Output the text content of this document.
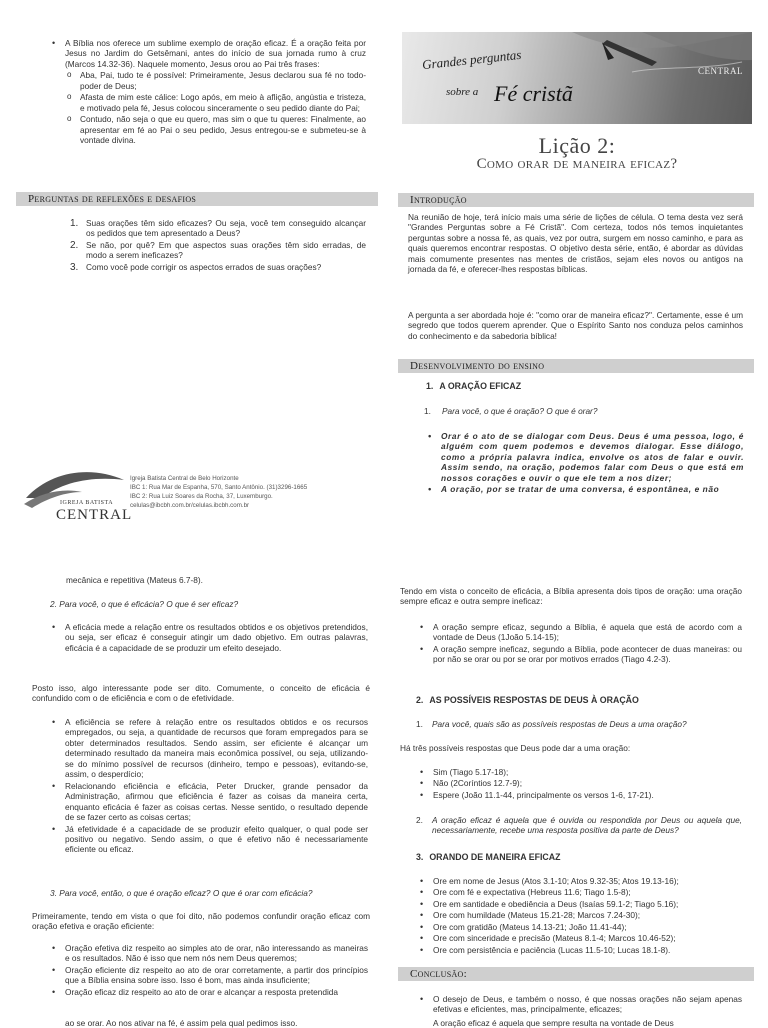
• A Bíblia nos oferece um sublime exemplo de oração eficaz. É a oração feita por Jesus no Jardim do Getsêmani, antes do início de sua jornada rumo à cruz (Marcos 14.32-36). Naquele momento, Jesus orou ao Pai três frases:
o Aba, Pai, tudo te é possível: Primeiramente, Jesus declarou sua fé no todo-poder de Deus;
o Afasta de mim este cálice: Logo após, em meio à aflição, angústia e tristeza, e motivado pela fé, Jesus colocou sinceramente o seu pedido diante do Pai;
o Contudo, não seja o que eu quero, mas sim o que tu queres: Finalmente, ao apresentar em fé ao Pai o seu pedido, Jesus entregou-se e submeteu-se à vontade divina.
Perguntas de reflexões e desafios
1. Suas orações têm sido eficazes? Ou seja, você tem conseguido alcançar os pedidos que tem apresentado a Deus?
2. Se não, por quê? Em que aspectos suas orações têm sido erradas, de modo a serem ineficazes?
3. Como você pode corrigir os aspectos errados de suas orações?
IGREJA BATISTA
CENTRAL
Igreja Batista Central de Belo Horizonte
IBC 1: Rua Mar de Espanha, 570, Santo Antônio. (31)3296-1665
IBC 2: Rua Luiz Soares da Rocha, 37, Luxemburgo.
celulas@ibcbh.com.br/celulas.ibcbh.com.br
Grandes perguntas
sobre a Fé cristã
CENTRAL
Lição 2:
Como orar de maneira eficaz?
Introdução
Na reunião de hoje, terá início mais uma série de lições de célula. O tema desta vez será "Grandes Perguntas sobre a Fé Cristã". Com certeza, todos nós temos inquietantes perguntas sobre a nossa fé, as quais, vez por outra, surgem em nosso caminho, e para as quais queremos encontrar respostas. O objetivo desta série, então, é abordar as dúvidas mais comumente presentes nas mentes de cristãos, sejam eles novos ou antigos na jornada da fé, e oferecer-lhes respostas bíblicas.
A pergunta a ser abordada hoje é: "como orar de maneira eficaz?". Certamente, esse é um segredo que todos querem aprender. Que o Espírito Santo nos conduza pelos caminhos do conhecimento e da sabedoria bíblica!
Desenvolvimento do ensino
1. A ORAÇÃO EFICAZ
1. Para você, o que é oração? O que é orar?
• Orar é o ato de se dialogar com Deus. Deus é uma pessoa, logo, é alguém com quem podemos e devemos dialogar. Esse diálogo, como a própria palavra indica, envolve os atos de falar e ouvir. Assim sendo, na oração, podemos falar com Deus o que está em nossos corações e ouvir o que ele tem a nos dizer;
• A oração, por se tratar de uma conversa, é espontânea, e não
mecânica e repetitiva (Mateus 6.7-8).
2. Para você, o que é eficácia? O que é ser eficaz?
• A eficácia mede a relação entre os resultados obtidos e os objetivos pretendidos, ou seja, ser eficaz é conseguir atingir um dado objetivo. Em outras palavras, eficácia é a capacidade de se produzir um efeito desejado.
Posto isso, algo interessante pode ser dito. Comumente, o conceito de eficácia é confundido com o de eficiência e com o de efetividade.
• A eficiência se refere à relação entre os resultados obtidos e os recursos empregados, ou seja, a quantidade de recursos que foram empregados para se obter determinados resultados. Sendo assim, ser eficiente é alcançar um determinado resultado da maneira mais econômica possível, ou seja, utilizando-se do mínimo possível de recursos (dinheiro, tempo e pessoas), evitando-se, assim, o desperdício;
• Relacionando eficiência e eficácia, Peter Drucker, grande pensador da Administração, afirmou que eficiência é fazer as coisas da maneira certa, enquanto eficácia é fazer as coisas certas. Nesse sentido, o resultado depende de se fazer certo as coisas certas;
• Já efetividade é a capacidade de se produzir efeito qualquer, o qual pode ser positivo ou negativo. Sendo assim, o que é efetivo não é necessariamente eficiente ou eficaz.
3. Para você, então, o que é oração eficaz? O que é orar com eficácia?
Primeiramente, tendo em vista o que foi dito, não podemos confundir oração eficaz com oração efetiva e oração eficiente:
• Oração efetiva diz respeito ao simples ato de orar, não interessando as maneiras e os resultados. Não é isso que nem nós nem Deus queremos;
• Oração eficiente diz respeito ao ato de orar corretamente, a partir dos princípios que a Bíblia ensina sobre isso. Isso é bom, mas ainda insuficiente;
• Oração eficaz diz respeito ao ato de orar e alcançar a resposta pretendida
ao se orar. Ao nos ativar na fé, é assim pela qual pedimos isso.
Tendo em vista o conceito de eficácia, a Bíblia apresenta dois tipos de oração: uma oração sempre eficaz e outra sempre ineficaz:
• A oração sempre eficaz, segundo a Bíblia, é aquela que está de acordo com a vontade de Deus (1João 5.14-15);
• A oração sempre ineficaz, segundo a Bíblia, pode acontecer de duas maneiras: ou por não se orar ou por se orar por motivos errados (Tiago 4.2-3).
2. AS POSSÍVEIS RESPOSTAS DE DEUS À ORAÇÃO
1. Para você, quais são as possíveis respostas de Deus a uma oração?
Há três possíveis respostas que Deus pode dar a uma oração:
• Sim (Tiago 5.17-18);
• Não (2Coríntios 12.7-9);
• Espere (João 11.1-44, principalmente os versos 1-6, 17-21).
2.	A oração eficaz é aquela que é ouvida ou respondida por Deus ou aquela que, necessariamente, recebe uma resposta positiva da parte de Deus?
3. ORANDO DE MANEIRA EFICAZ
• Ore em nome de Jesus (Atos 3.1-10; Atos 9.32-35; Atos 19.13-16);
• Ore com fé e expectativa (Hebreus 11.6; Tiago 1.5-8);
• Ore em santidade e obediência a Deus (Isaías 59.1-2; Tiago 5.16);
• Ore com humildade (Mateus 15.21-28; Marcos 7.24-30);
• Ore com gratidão (Mateus 14.13-21; João 11.41-44);
• Ore com sinceridade e precisão (Mateus 8.1-4; Marcos 10.46-52);
• Ore com persistência e paciência (Lucas 11.5-10; Lucas 18.1-8).
Conclusão:
• O desejo de Deus, e também o nosso, é que nossas orações não sejam apenas efetivas e eficientes, mas, principalmente, eficazes;
A oração eficaz é aquela que sempre resulta na vontade de Deus
